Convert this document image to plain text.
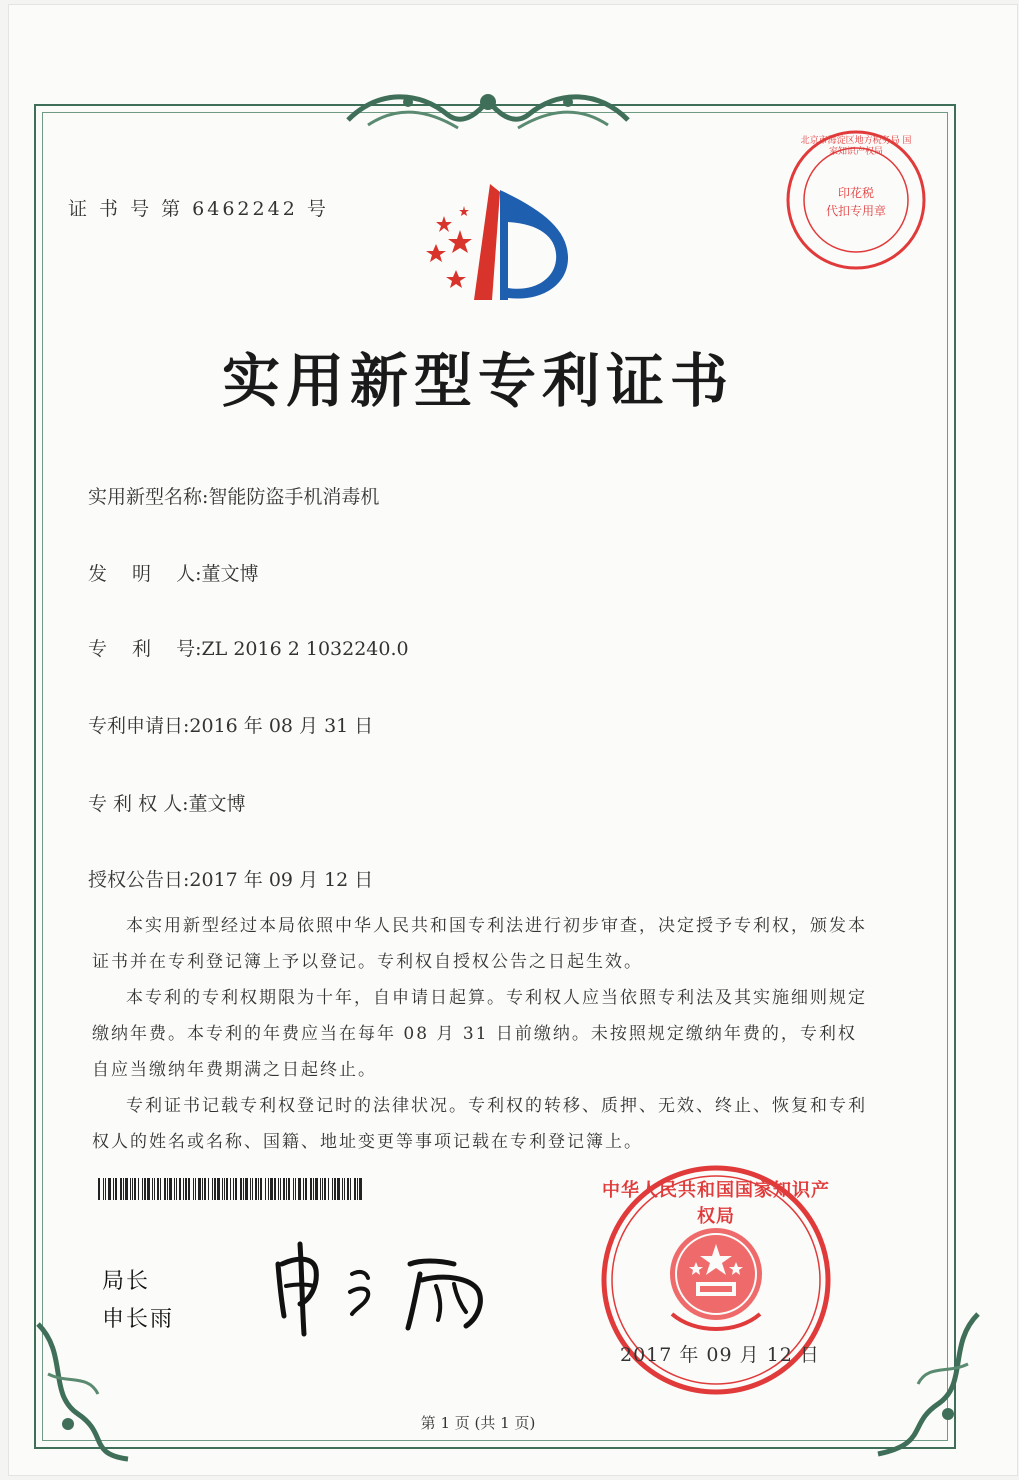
证 书 号 第 6462242 号
印花税
代扣专用章
北京市海淀区地方税务局 国家知识产权局
实用新型专利证书
实用新型名称:智能防盗手机消毒机
发　 明　 人:董文博
专　 利　 号:ZL 2016 2 1032240.0
专利申请日:2016 年 08 月 31 日
专 利 权 人:董文博
授权公告日:2017 年 09 月 12 日

本实用新型经过本局依照中华人民共和国专利法进行初步审查，决定授予专利权，颁发本证书并在专利登记簿上予以登记。专利权自授权公告之日起生效。

本专利的专利权期限为十年，自申请日起算。专利权人应当依照专利法及其实施细则规定缴纳年费。本专利的年费应当在每年 08 月 31 日前缴纳。未按照规定缴纳年费的，专利权自应当缴纳年费期满之日起终止。

专利证书记载专利权登记时的法律状况。专利权的转移、质押、无效、终止、恢复和专利权人的姓名或名称、国籍、地址变更等事项记载在专利登记簿上。

局长
申长雨
中华人民共和国国家知识产权局
2017 年 09 月 12 日
第 1 页 (共 1 页)
